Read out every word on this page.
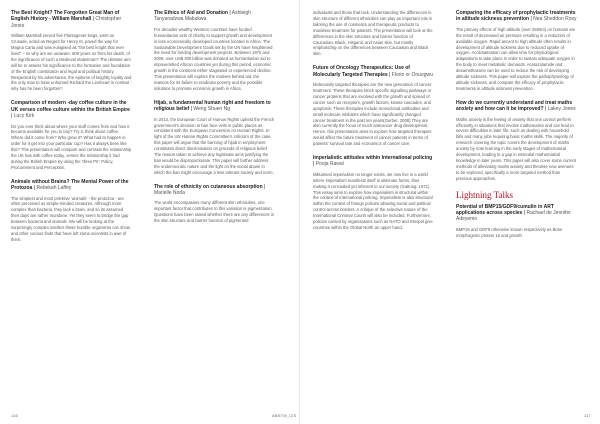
The Best Knight? The Forgotten Great Man of English History - William Marshall | Christopher Jones

William Marshall served five Plantagenet kings, went on Crusade, acted as Regent for Henry III, paved the way for Magna Carta and was eulogised as "the best knight that ever lived" – so why are we unaware, 800 years on from his death, of the significance of such a Medieval statesman? The ultimate aim will be to assess his significance to the formation and foundation of the English constitution and legal and political history. Respected by his adversaries, the epitome of knightly loyalty and the only man to have unhorsed Richard the Lionheart in combat - why has he been forgotten?

Comparison of modern -day coffee culture in the UK verses coffee culture within the British Empire | Lucy Kirk

Do you ever think about where your stuff comes from and how it became available for you to buy? Try it, think about coffee. Where did it come from? Who grew it? What had to happen in order for it get into your particular cup? Has it always been like this? This presentation will compare and contrast the relationship the UK has with coffee today, verses the relationship it had during the British Empire by using the 'three Ps': Policy, Procurement and Perception.

Animals without Brains? The Mental Power of the Protozoa | Rebekah Laffey

The simplest and most primitive 'animals' - the protozoa - are often perceived as simple-minded creatures. Although more complex than bacteria, they lack a brain, and so its assumed their days are rather mundane. Yet they seem to bridge the gap between bacteria and animals. We will be looking at the surprisingly complex intellect these humble organisms can show, and other curious finds that have left some scientists in awe of them.

The Ethics of Aid and Donation | Ashleigh Tanyaradzwa Mabukwa

For decades wealthy Western countries have funded humanitarian acts of charity to support growth and development in less economically developed countries located in Africa. The Sustainable Development Goals set by the UN have heightened the need for funding development projects. Between 1970 and 2008, over US$ 300 billion was donated as humanitarian aid to impoverished African countries yet during this period, economic growth in the continent either stagnated or experienced decline. This presentation will explore the motives behind aid, the reasons for its failure to eradicate poverty and the possible solutions to promote economic growth in Africa.

Hijab, a fundamental human right and freedom to religious belief | Weng Shuen Ng

In 2014, the European Court of Human Rights upheld the French government's decision to ban face veils in public places as consistent with the European Convention on Human Rights. In light of the UN Human Rights Committee's criticism of the case, this paper will argue that the banning of hijab in employment constitutes direct discrimination on grounds of religious belief. The reason taken to achieve any legitimate aims justifying the ban would be disproportionate. This paper will further address the undemocratic nature and the light on the social abuse in which the ban might encourage a less tolerant society and norm.

The role of ethnicity on cutaneous absorption | Marielle Noda

The world encompasses many different skin ethnicities, one important factor that contributes to this variation is pigmentation. Questions have been raised whether there are any differences in the skin structure and barrier function of pigmented

individuals and those that lack. Understanding the differences in skin structure of different ethnicities can play an important role in tailoring the use of cosmetics and therapeutic products to maximise treatment for patients. The presentation will look at the differences in the skin structure and barrier function of Caucasian, Black, Hispanic and Asian skin, but mostly emphasizing on the differences between Caucasian and Black skin.

Future of Oncology Therapeutics: Use of Molecularly Targeted Therapies | Florin or Onuogwu

Molecularly targeted therapies are the new generation of cancer treatment. These therapies block specific signalling pathways or cancer proteins that are involved with the growth and spread of cancer such as receptors, growth factors, kinase cascades, and apoptosis. These therapies include monoclonal antibodies and small molecule inhibitors which have significantly changed cancer treatment in the past ten years(Gerber, 2008) They are also currently the focus of much anticancer drug development. Hence, this presentation aims to explore how targeted therapies would affect the future treatment of cancer patients in terms of patients' survival rate and economics of cancer care.

Imperialistic attitudes within International policing | Pooja Rawal

Militarised imperialism no longer exists, we now live in a world where imperialism manifests itself in alternate forms, thus making it concealed yet inherent to our society (Galtung, 1971). This essay aims to explore how imperialism is structural within the context of international policing. Imperialism is also structural within the context of foreign policies allowing social and political control across borders. A critique of the selective nature of the International Criminal Courts will also be included. Furthermore, policies carried by organisations such as NATO and Interpol give countries within the Global North an upper hand.

Comparing the efficacy of prophylactic treatments in altitude sickness prevention | Nea Sheddon Roxy

The primary effects of high altitude (over 2500m) on humans are the result of decreased air pressure resulting in a reduction of available oxygen. Rapid ascent to high altitude often results in development of altitude sickness due to reduced uptake of oxygen. Acclimatisation can allow time for physiological adaptations to take place in order to sustain adequate oxygen in the body to meet metabolic demands. Acetazolamide and dexamethasone can be used to reduce the risk of developing altitude sickness. This paper will explore the pathophysiology of altitude sickness, and compare the efficacy of prophylactic treatments in altitude sickness prevention.

How do we currently understand and treat maths anxiety and how can it be improved? | Lakey Jones

Maths anxiety is the feeling of anxiety that one cannot perform efficiently in situations that involve mathematics and can lead to severe difficulties in later life, such as dealing with household bills and many jobs requiring basic maths skills. The majority of research covering the topic covers the development of maths anxiety by note learning in the early stages of mathematical development, leading to a gap in essential mathematical knowledge in later years. This paper will also cover some current methods of alleviating maths anxiety and theorise new avenues to be explored, specifically a more targeted method than previous approaches.

Lightning Talks

Potential of BMP15/GDF9/cumulin in ART applications across species | Rachael de Jennifer Adeyemo

BMP15 and GDF9 otherwise known respectively as Bone morphogenic protein 15 and growth

116	ABSTM_CIS	117
